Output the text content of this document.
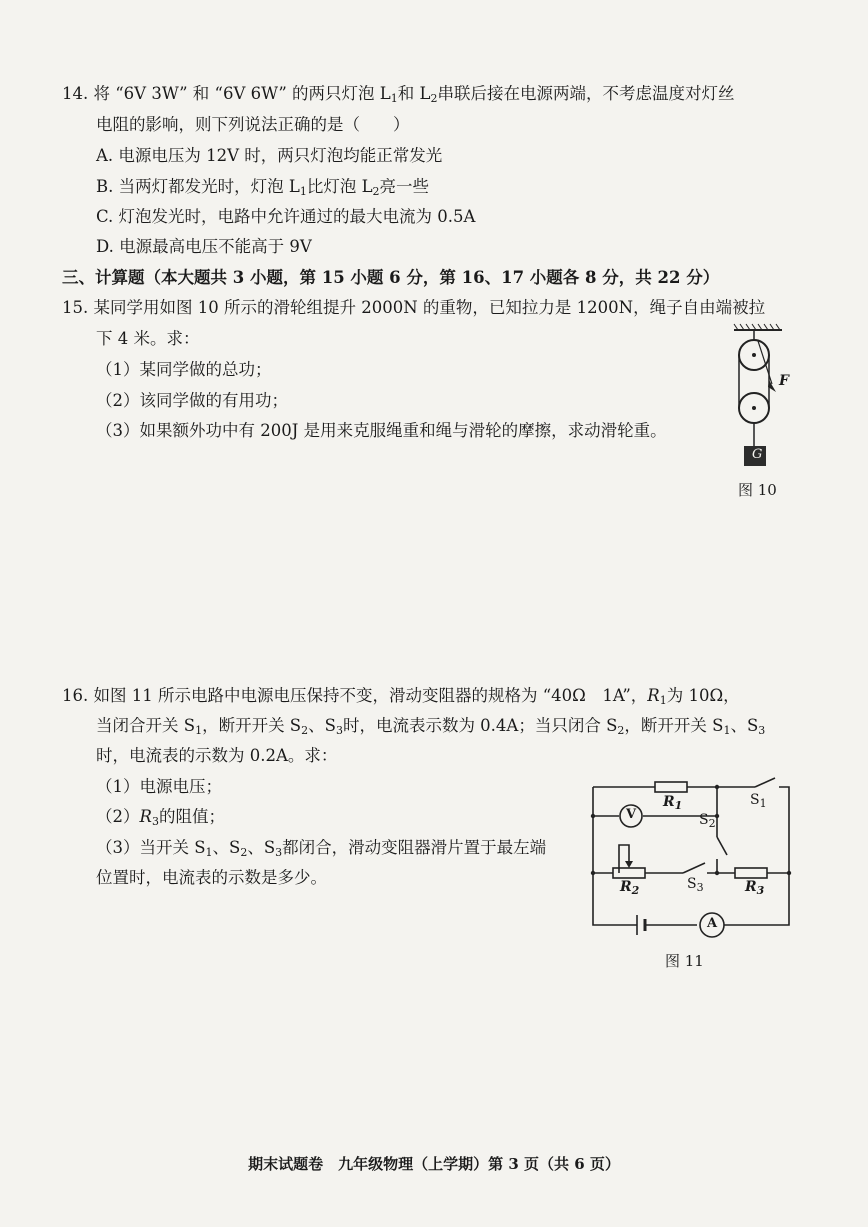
14. 将 “6V 3W” 和 “6V 6W” 的两只灯泡 $L_1$和 $L_2$串联后接在电源两端，不考虑温度对灯丝
电阻的影响，则下列说法正确的是（　　）
A. 电源电压为 12V 时，两只灯泡均能正常发光
B. 当两灯都发光时，灯泡 $L_1$比灯泡 $L_2$亮一些
C. 灯泡发光时，电路中允许通过的最大电流为 0.5A
D. 电源最高电压不能高于 9V
三、计算题（本大题共 3 小题，第 15 小题 6 分，第 16、17 小题各 8 分，共 22 分）
15. 某同学用如图 10 所示的滑轮组提升 2000N 的重物，已知拉力是 1200N，绳子自由端被拉
下 4 米。求：
（1）某同学做的总功；
（2）该同学做的有用功；
（3）如果额外功中有 200J 是用来克服绳重和绳与滑轮的摩擦，求动滑轮重。
F
G
图 10
16. 如图 11 所示电路中电源电压保持不变，滑动变阻器的规格为 “40Ω　1A”，$R_1$为 10Ω，
当闭合开关 $S_1$，断开开关 $S_2$、$S_3$时，电流表示数为 0.4A；当只闭合 $S_2$，断开开关 $S_1$、$S_3$
时，电流表的示数为 0.2A。求：
（1）电源电压；
$(2)R_3$的阻值；
（3）当开关 $S_1$、$S_2$、$S_3$都闭合，滑动变阻器滑片置于最左端
位置时，电流表的示数是多少。
$R_1$
$R_2$	$R_3$
$S_1$
$S_2$
$S_3$
V
A
图 11
期末试题卷　九年级物理（上学期）第 3 页（共 6 页）
